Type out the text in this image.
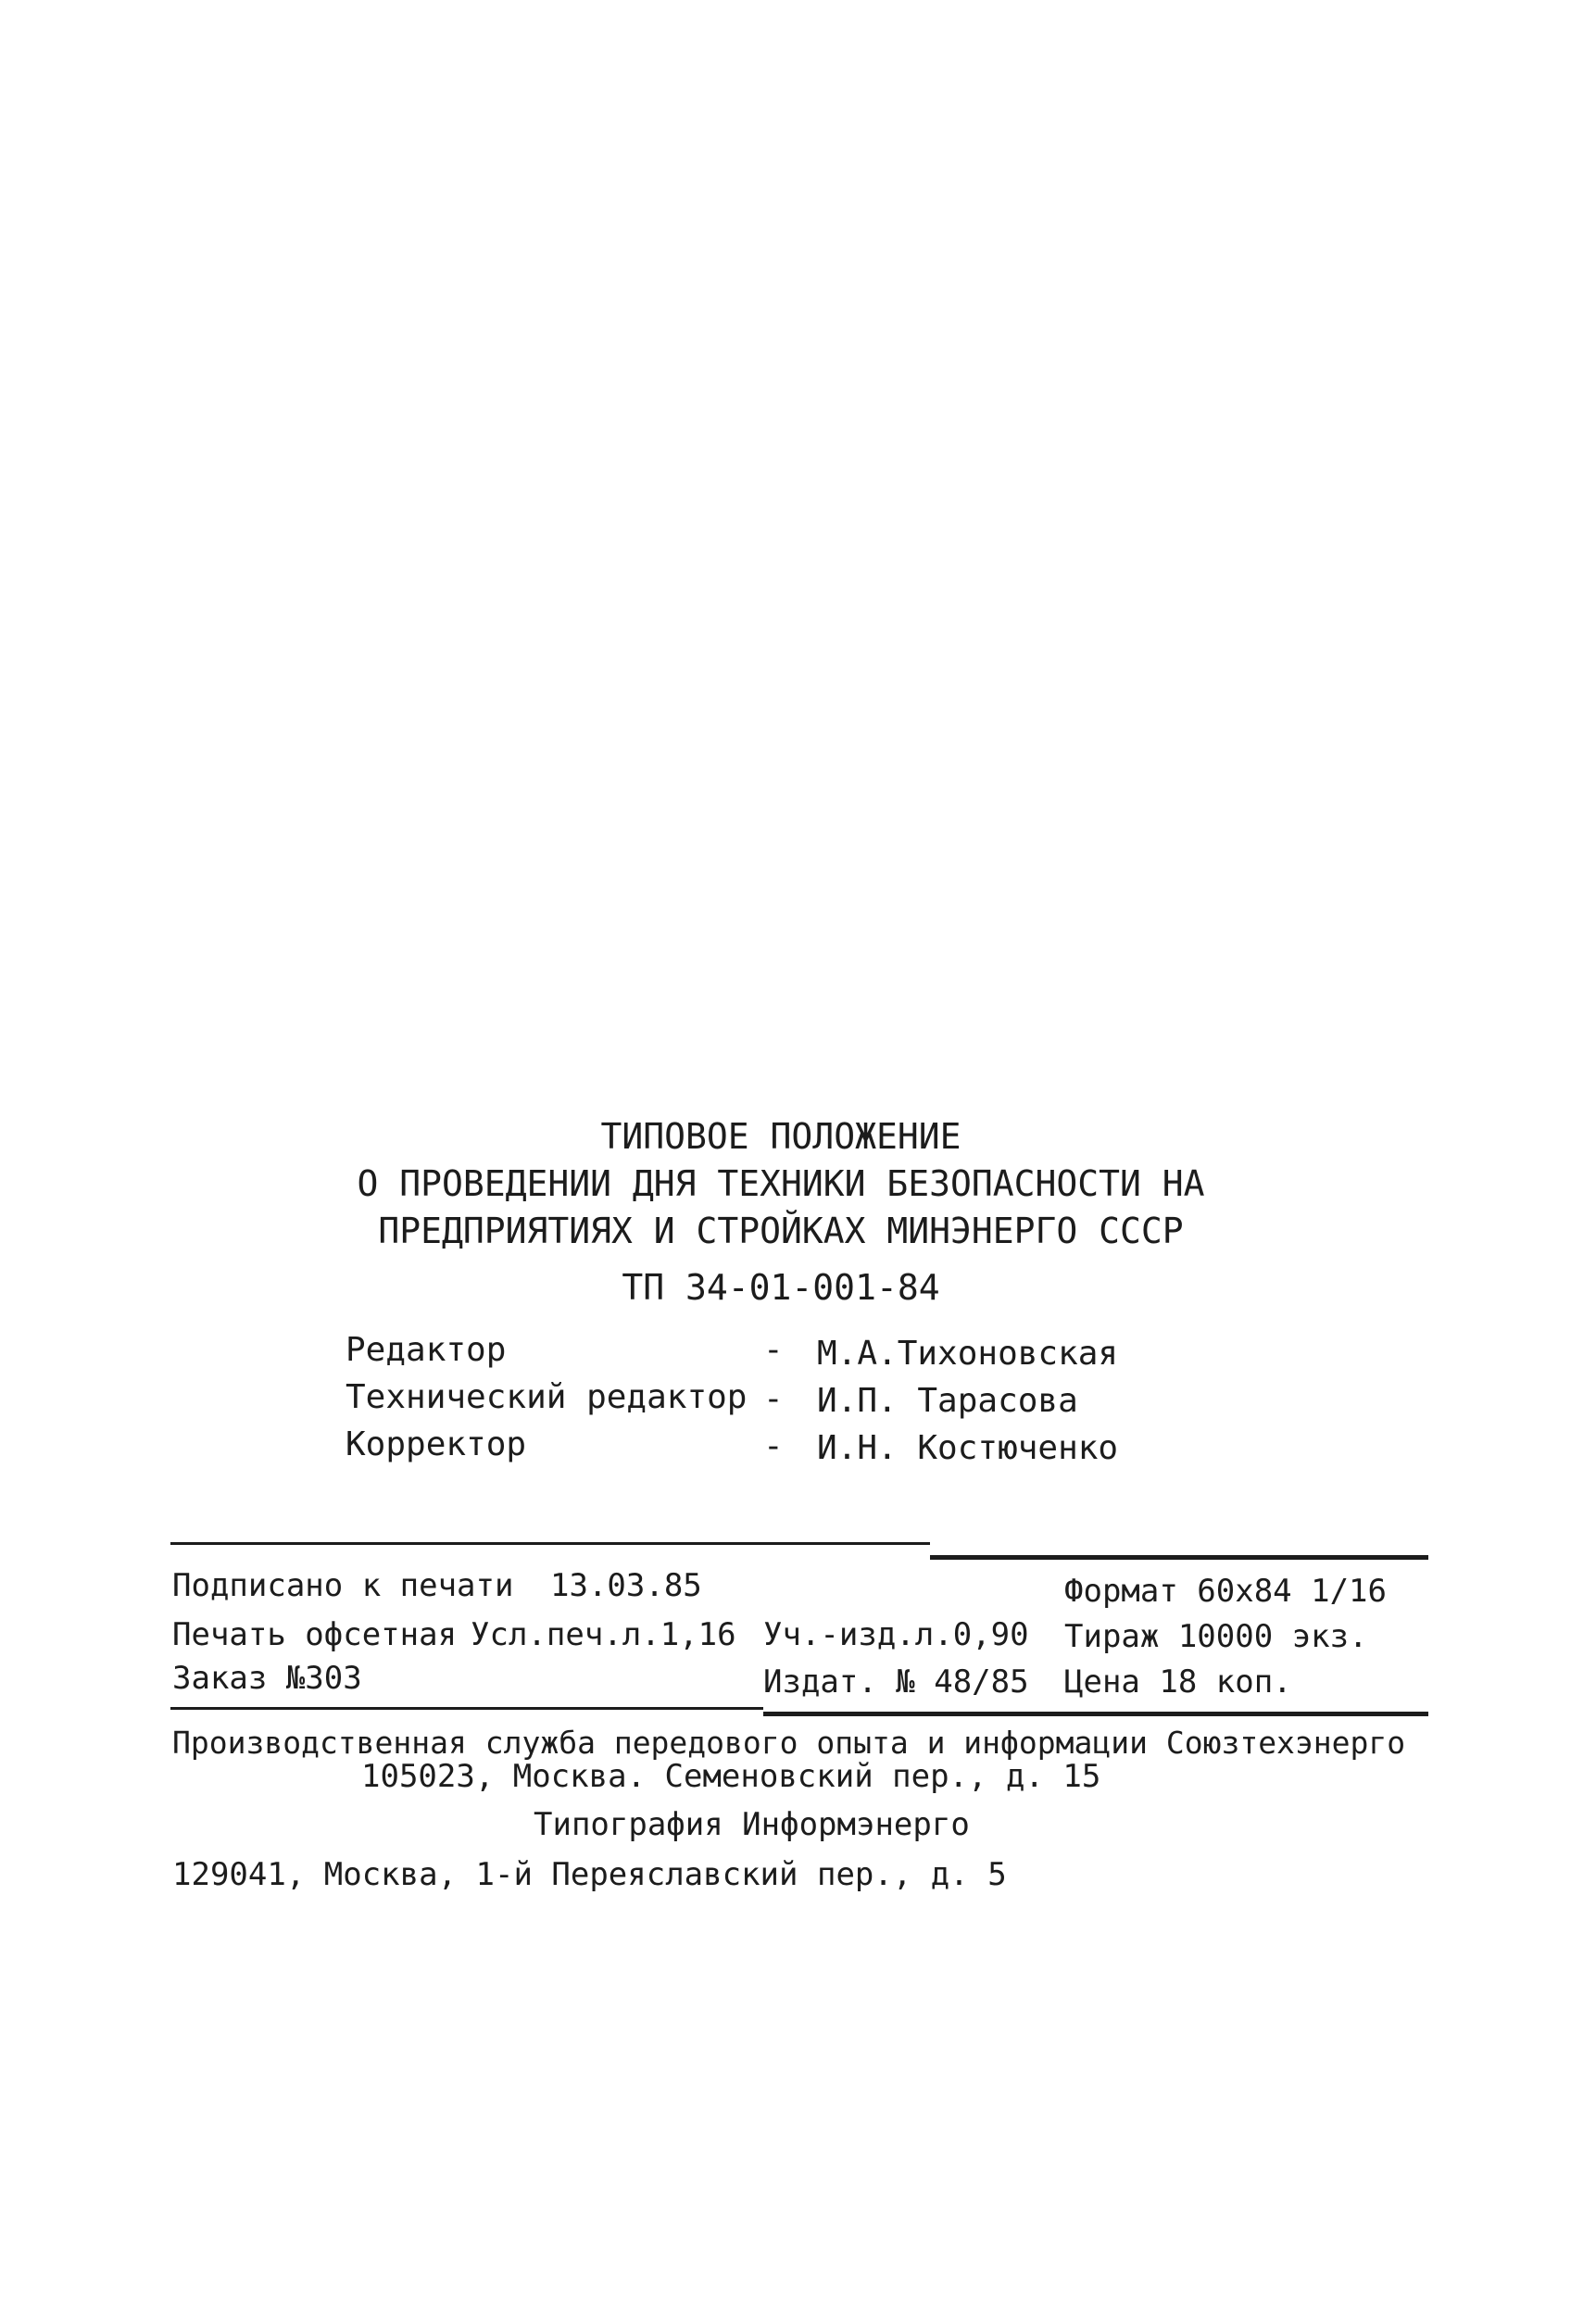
ТИПОВОЕ ПОЛОЖЕНИЕ
О ПРОВЕДЕНИИ ДНЯ ТЕХНИКИ БЕЗОПАСНОСТИ НА
ПРЕДПРИЯТИЯХ И СТРОЙКАХ МИНЭНЕРГО СССР
ТП 34-01-001-84
Редактор	- М.А.Тихоновская
Технический редактор - И.П. Тарасова
Корректор	- И.Н. Костюченко
Подписано к печати 13.03.85	Формат 60х84 1/16
Печать офсетная Усл.печ.л.1,16 Уч.-изд.л.0,90 Тираж 10000 экз.
Заказ №303	Издат. № 48/85 Цена 18 коп.
Производственная служба передового опыта и информации Союзтехэнерго
105023, Москва. Семеновский пер., д. 15
Типография Информэнерго
129041, Москва, 1-й Переяславский пер., д. 5
